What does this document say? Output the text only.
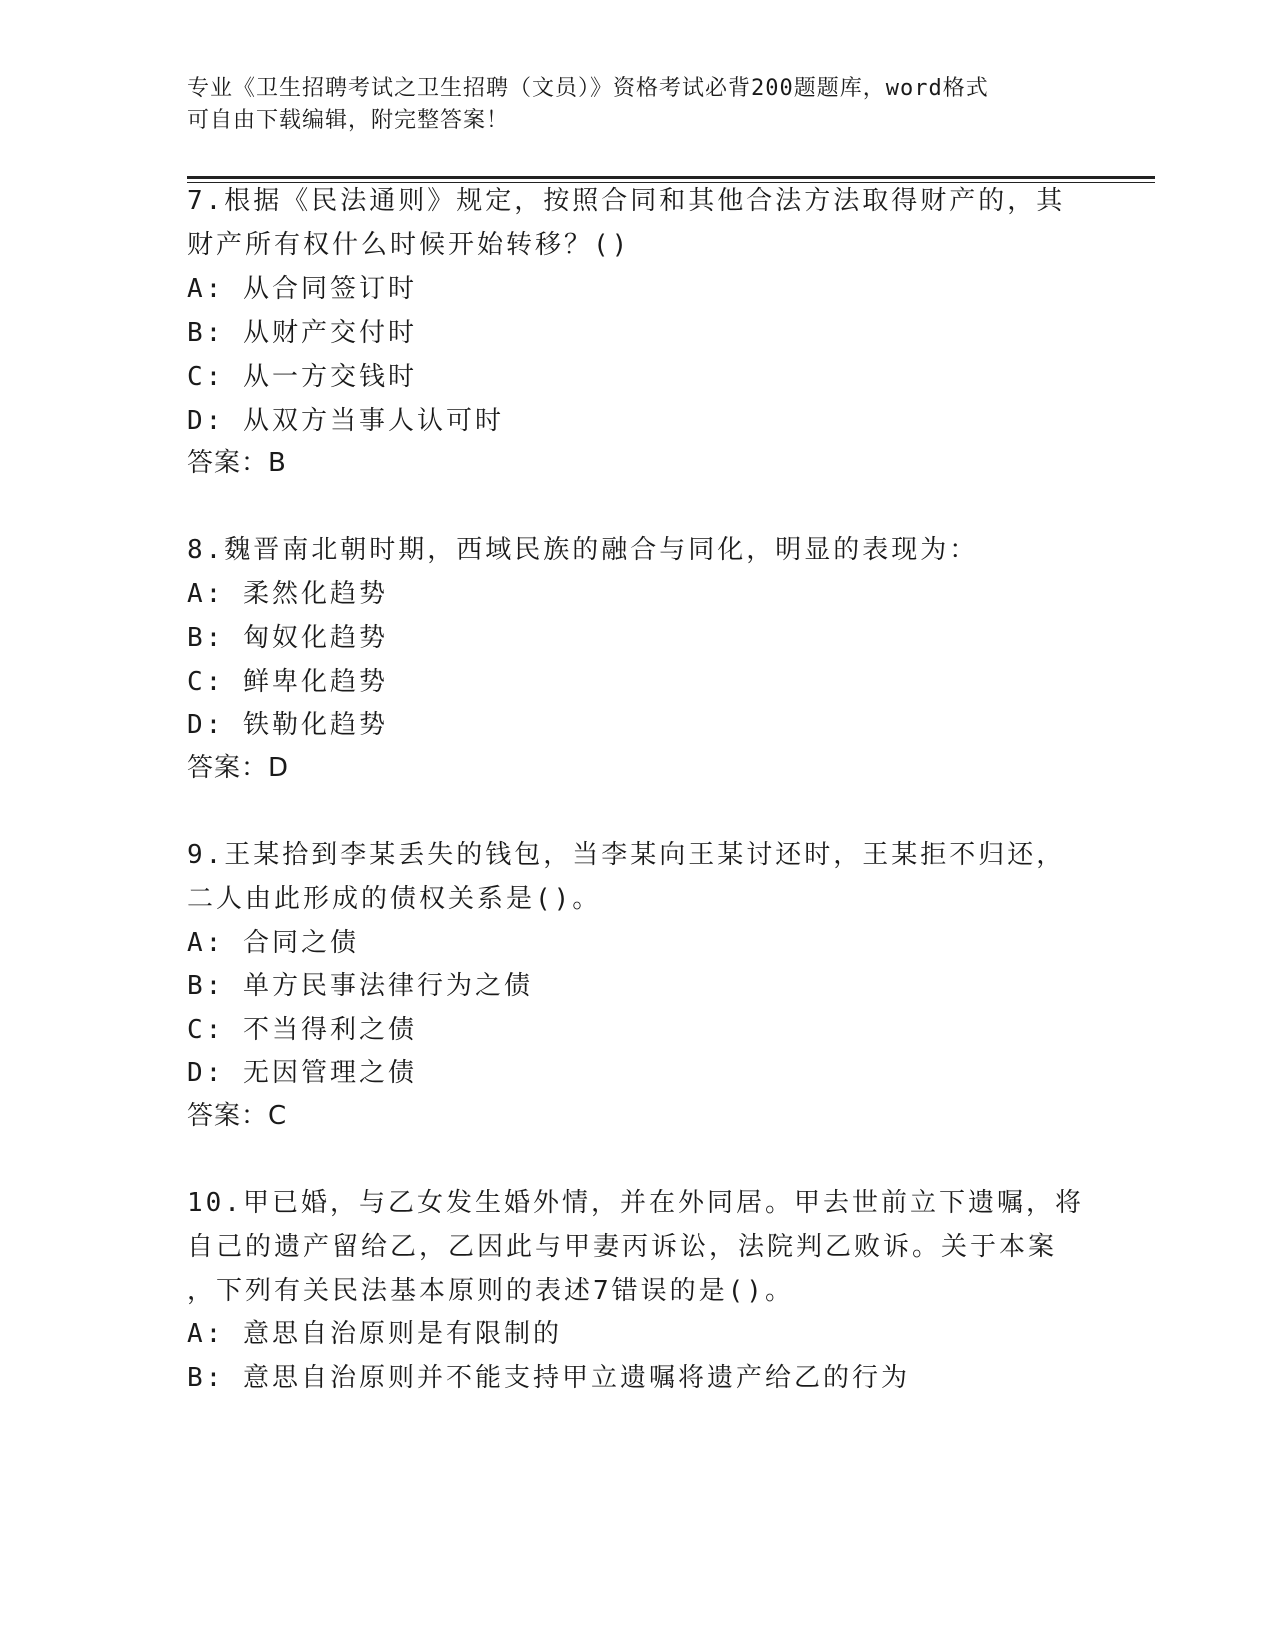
专业《卫生招聘考试之卫生招聘（文员）》资格考试必背200题题库，word格式
可自由下载编辑，附完整答案！
7.根据《民法通则》规定，按照合同和其他合法方法取得财产的，其
财产所有权什么时候开始转移？()
A: 从合同签订时
B: 从财产交付时
C: 从一方交钱时
D: 从双方当事人认可时
答案：B
8.魏晋南北朝时期，西域民族的融合与同化，明显的表现为：
A: 柔然化趋势
B: 匈奴化趋势
C: 鲜卑化趋势
D: 铁勒化趋势
答案：D
9.王某拾到李某丢失的钱包，当李某向王某讨还时，王某拒不归还，
二人由此形成的债权关系是()。
A: 合同之债
B: 单方民事法律行为之债
C: 不当得利之债
D: 无因管理之债
答案：C
10.甲已婚，与乙女发生婚外情，并在外同居。甲去世前立下遗嘱，将
自己的遗产留给乙，乙因此与甲妻丙诉讼，法院判乙败诉。关于本案
，下列有关民法基本原则的表述7错误的是()。
A: 意思自治原则是有限制的
B: 意思自治原则并不能支持甲立遗嘱将遗产给乙的行为
